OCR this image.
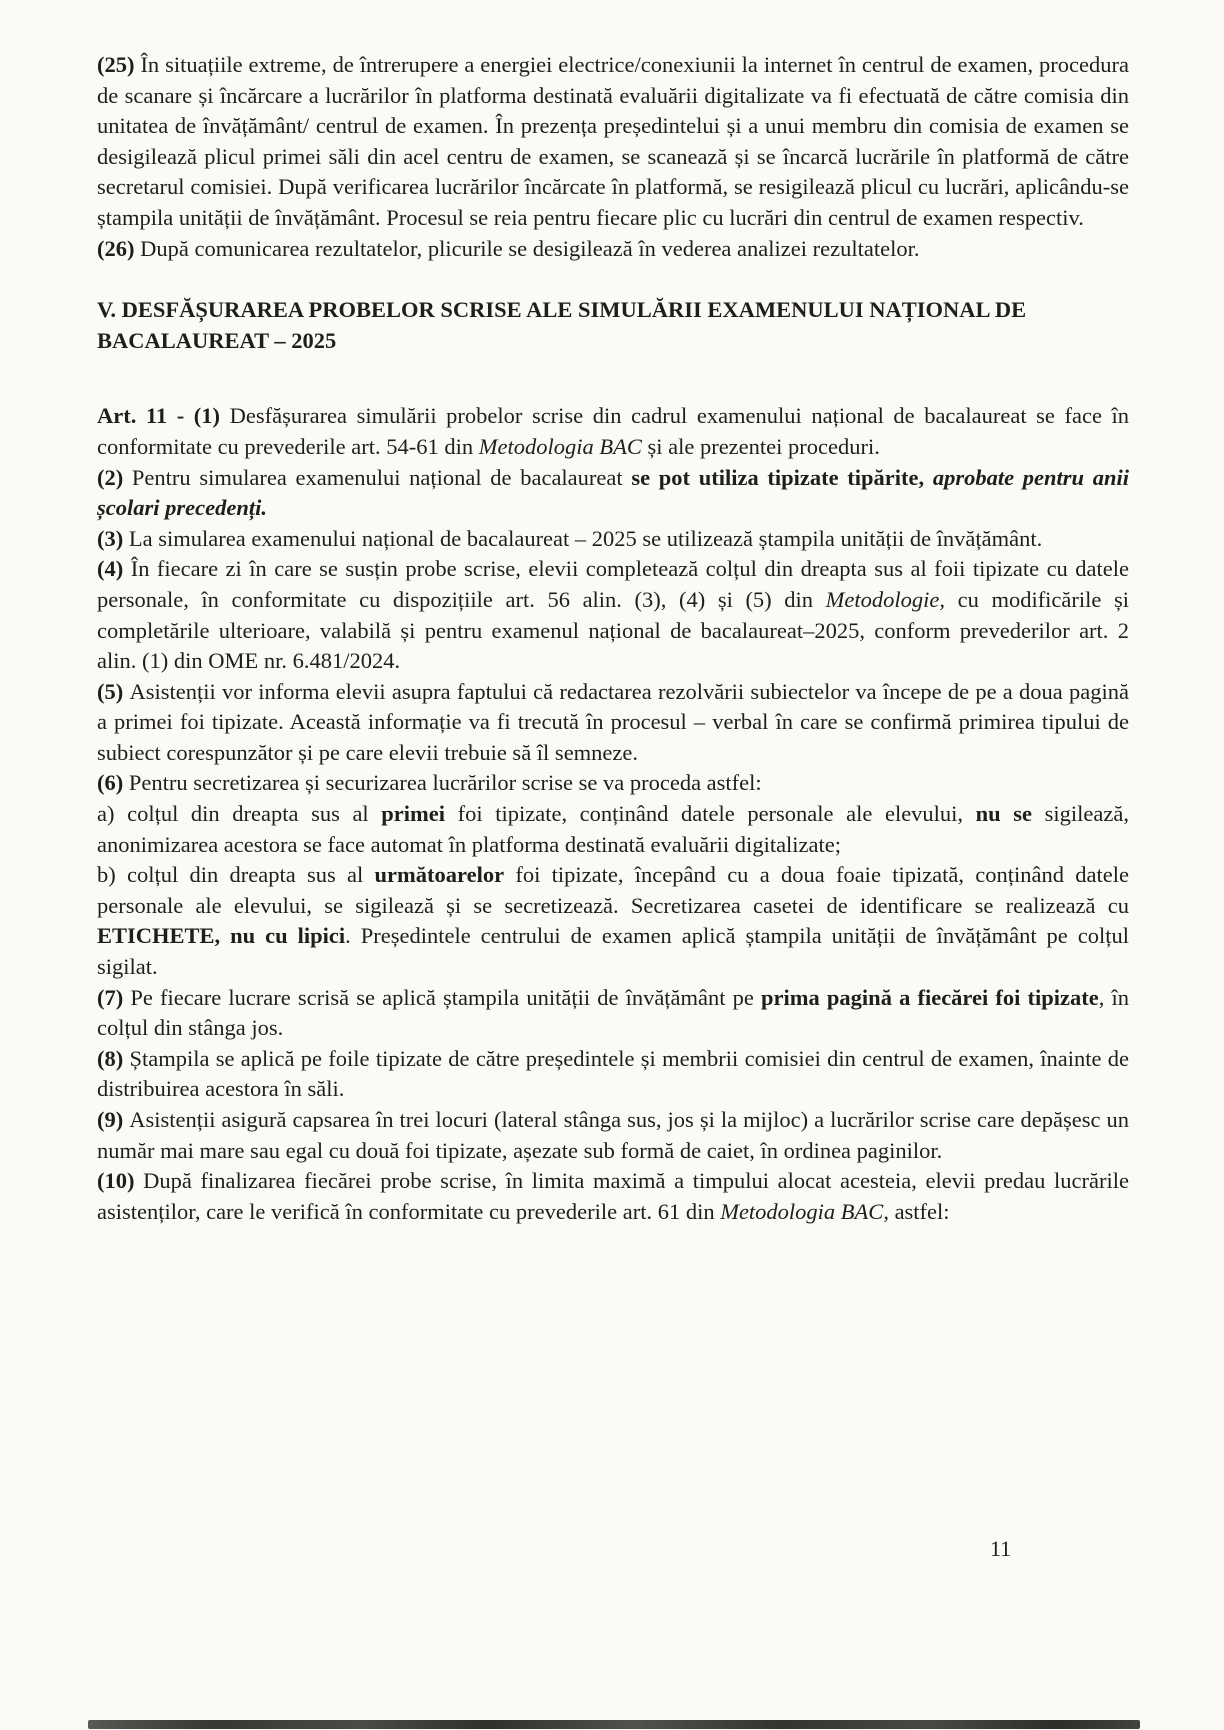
(25) În situațiile extreme, de întrerupere a energiei electrice/conexiunii la internet în centrul de examen, procedura de scanare și încărcare a lucrărilor în platforma destinată evaluării digitalizate va fi efectuată de către comisia din unitatea de învățământ/ centrul de examen. În prezența președintelui și a unui membru din comisia de examen se desigilează plicul primei săli din acel centru de examen, se scanează și se încarcă lucrările în platformă de către secretarul comisiei. După verificarea lucrărilor încărcate în platformă, se resigilează plicul cu lucrări, aplicându-se ștampila unității de învățământ. Procesul se reia pentru fiecare plic cu lucrări din centrul de examen respectiv.
(26) După comunicarea rezultatelor, plicurile se desigilează în vederea analizei rezultatelor.
V. DESFĂȘURAREA PROBELOR SCRISE ALE SIMULĂRII EXAMENULUI NAȚIONAL DE BACALAUREAT – 2025
Art. 11 - (1) Desfășurarea simulării probelor scrise din cadrul examenului național de bacalaureat se face în conformitate cu prevederile art. 54-61 din Metodologia BAC și ale prezentei proceduri.
(2) Pentru simularea examenului național de bacalaureat se pot utiliza tipizate tipărite, aprobate pentru anii școlari precedenți.
(3) La simularea examenului național de bacalaureat – 2025 se utilizează ștampila unității de învățământ.
(4) În fiecare zi în care se susțin probe scrise, elevii completează colțul din dreapta sus al foii tipizate cu datele personale, în conformitate cu dispozițiile art. 56 alin. (3), (4) și (5) din Metodologie, cu modificările și completările ulterioare, valabilă și pentru examenul național de bacalaureat–2025, conform prevederilor art. 2 alin. (1) din OME nr. 6.481/2024.
(5) Asistenții vor informa elevii asupra faptului că redactarea rezolvării subiectelor va începe de pe a doua pagină a primei foi tipizate. Această informație va fi trecută în procesul – verbal în care se confirmă primirea tipului de subiect corespunzător și pe care elevii trebuie să îl semneze.
(6) Pentru secretizarea și securizarea lucrărilor scrise se va proceda astfel:
a) colțul din dreapta sus al primei foi tipizate, conținând datele personale ale elevului, nu se sigilează, anonimizarea acestora se face automat în platforma destinată evaluării digitalizate;
b) colțul din dreapta sus al următoarelor foi tipizate, începând cu a doua foaie tipizată, conținând datele personale ale elevului, se sigilează și se secretizează. Secretizarea casetei de identificare se realizează cu ETICHETE, nu cu lipici. Președintele centrului de examen aplică ștampila unității de învățământ pe colțul sigilat.
(7) Pe fiecare lucrare scrisă se aplică ștampila unității de învățământ pe prima pagină a fiecărei foi tipizate, în colțul din stânga jos.
(8) Ștampila se aplică pe foile tipizate de către președintele și membrii comisiei din centrul de examen, înainte de distribuirea acestora în săli.
(9) Asistenții asigură capsarea în trei locuri (lateral stânga sus, jos și la mijloc) a lucrărilor scrise care depășesc un număr mai mare sau egal cu două foi tipizate, așezate sub formă de caiet, în ordinea paginilor.
(10) După finalizarea fiecărei probe scrise, în limita maximă a timpului alocat acesteia, elevii predau lucrările asistenților, care le verifică în conformitate cu prevederile art. 61 din Metodologia BAC, astfel:
11
